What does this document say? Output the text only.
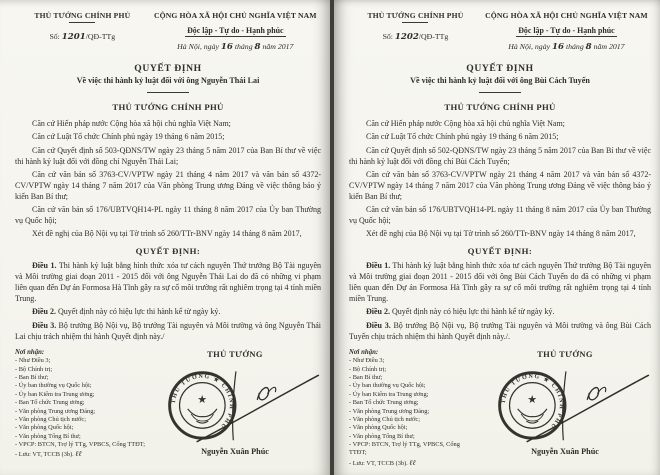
THỦ TƯỚNG CHÍNH PHỦ
Số: 1201/QĐ-TTg
CỘNG HÒA XÃ HỘI CHỦ NGHĨA VIỆT NAM
Độc lập - Tự do - Hạnh phúc
Hà Nội, ngày 16 tháng 8 năm 2017
QUYẾT ĐỊNH
Về việc thi hành kỷ luật đối với ông Nguyễn Thái Lai
THỦ TƯỚNG CHÍNH PHỦ

Căn cứ Hiến pháp nước Cộng hòa xã hội chủ nghĩa Việt Nam;

Căn cứ Luật Tổ chức Chính phủ ngày 19 tháng 6 năm 2015;

Căn cứ Quyết định số 503-QĐNS/TW ngày 23 tháng 5 năm 2017 của Ban Bí thư về việc thi hành kỷ luật đối với đồng chí Nguyễn Thái Lai;

Căn cứ văn bản số 3763-CV/VPTW ngày 21 tháng 4 năm 2017 và văn bản số 4372-CV/VPTW ngày 14 tháng 7 năm 2017 của Văn phòng Trung ương Đảng về việc thông báo ý kiến Ban Bí thư;

Căn cứ văn bản số 176/UBTVQH14-PL ngày 11 tháng 8 năm 2017 của Ủy ban Thường vụ Quốc hội;

Xét đề nghị của Bộ Nội vụ tại Tờ trình số 260/TTr-BNV ngày 14 tháng 8 năm 2017,

QUYẾT ĐỊNH:

Điều 1. Thi hành kỷ luật bằng hình thức xóa tư cách nguyên Thứ trưởng Bộ Tài nguyên và Môi trường giai đoạn 2011 - 2015 đối với ông Nguyễn Thái Lai do đã có những vi phạm liên quan đến Dự án Formosa Hà Tĩnh gây ra sự cố môi trường rất nghiêm trọng tại 4 tỉnh miền Trung.

Điều 2. Quyết định này có hiệu lực thi hành kể từ ngày ký.

Điều 3. Bộ trưởng Bộ Nội vụ, Bộ trưởng Tài nguyên và Môi trường và ông Nguyễn Thái Lai chịu trách nhiệm thi hành Quyết định này./

Nơi nhận:
- Như Điều 3;
- Bộ Chính trị;
- Ban Bí thư;
- Ủy ban thường vụ Quốc hội;
- Ủy ban Kiểm tra Trung ương;
- Ban Tổ chức Trung ương;
- Văn phòng Trung ương Đảng;
- Văn phòng Chủ tịch nước;
- Văn phòng Quốc hội;
- Văn phòng Tổng Bí thư;
- VPCP: BTCN, Trợ lý TTg, VPBCS, Cổng TTĐT;
- Lưu: VT, TCCB (3b). ℓℓ
THỦ TƯỚNG
THỦ TƯỚNG ★ CHÍNH PHỦ
★
Nguyễn Xuân Phúc
THỦ TƯỚNG CHÍNH PHỦ
Số: 1202/QĐ-TTg
CỘNG HÒA XÃ HỘI CHỦ NGHĨA VIỆT NAM
Độc lập - Tự do - Hạnh phúc
Hà Nội, ngày 16 tháng 8 năm 2017
QUYẾT ĐỊNH
Về việc thi hành kỷ luật đối với ông Bùi Cách Tuyến
THỦ TƯỚNG CHÍNH PHỦ

Căn cứ Hiến pháp nước Cộng hòa xã hội chủ nghĩa Việt Nam;

Căn cứ Luật Tổ chức Chính phủ ngày 19 tháng 6 năm 2015;

Căn cứ Quyết định số 502-QĐNS/TW ngày 23 tháng 5 năm 2017 của Ban Bí thư về việc thi hành kỷ luật đối với đồng chí Bùi Cách Tuyến;

Căn cứ văn bản số 3763-CV/VPTW ngày 21 tháng 4 năm 2017 và văn bản số 4372-CV/VPTW ngày 14 tháng 7 năm 2017 của Văn phòng Trung ương Đảng về việc thông báo ý kiến Ban Bí thư;

Căn cứ văn bản số 176/UBTVQH14-PL ngày 11 tháng 8 năm 2017 của Ủy ban Thường vụ Quốc hội;

Xét đề nghị của Bộ Nội vụ tại Tờ trình số 260/TTr-BNV ngày 14 tháng 8 năm 2017,

QUYẾT ĐỊNH:

Điều 1. Thi hành kỷ luật bằng hình thức xóa tư cách nguyên Thứ trưởng Bộ Tài nguyên và Môi trường giai đoạn 2011 - 2015 đối với ông Bùi Cách Tuyến do đã có những vi phạm liên quan đến Dự án Formosa Hà Tĩnh gây ra sự cố môi trường rất nghiêm trọng tại 4 tỉnh miền Trung.

Điều 2. Quyết định này có hiệu lực thi hành kể từ ngày ký.

Điều 3. Bộ trưởng Bộ Nội vụ, Bộ trưởng Tài nguyên và Môi trường và ông Bùi Cách Tuyến chịu trách nhiệm thi hành Quyết định này./.

Nơi nhận:
- Như Điều 3;
- Bộ Chính trị;
- Ban Bí thư;
- Ủy ban thường vụ Quốc hội;
- Ủy ban Kiểm tra Trung ương;
- Ban Tổ chức Trung ương;
- Văn phòng Trung ương Đảng;
- Văn phòng Chủ tịch nước;
- Văn phòng Quốc hội;
- Văn phòng Tổng Bí thư;
- VPCP: BTCN, Trợ lý TTg, VPBCS, Cổng TTĐT;
- Lưu: VT, TCCB (3b). ℓℓ
THỦ TƯỚNG
THỦ TƯỚNG ★ CHÍNH PHỦ
★
Nguyễn Xuân Phúc
